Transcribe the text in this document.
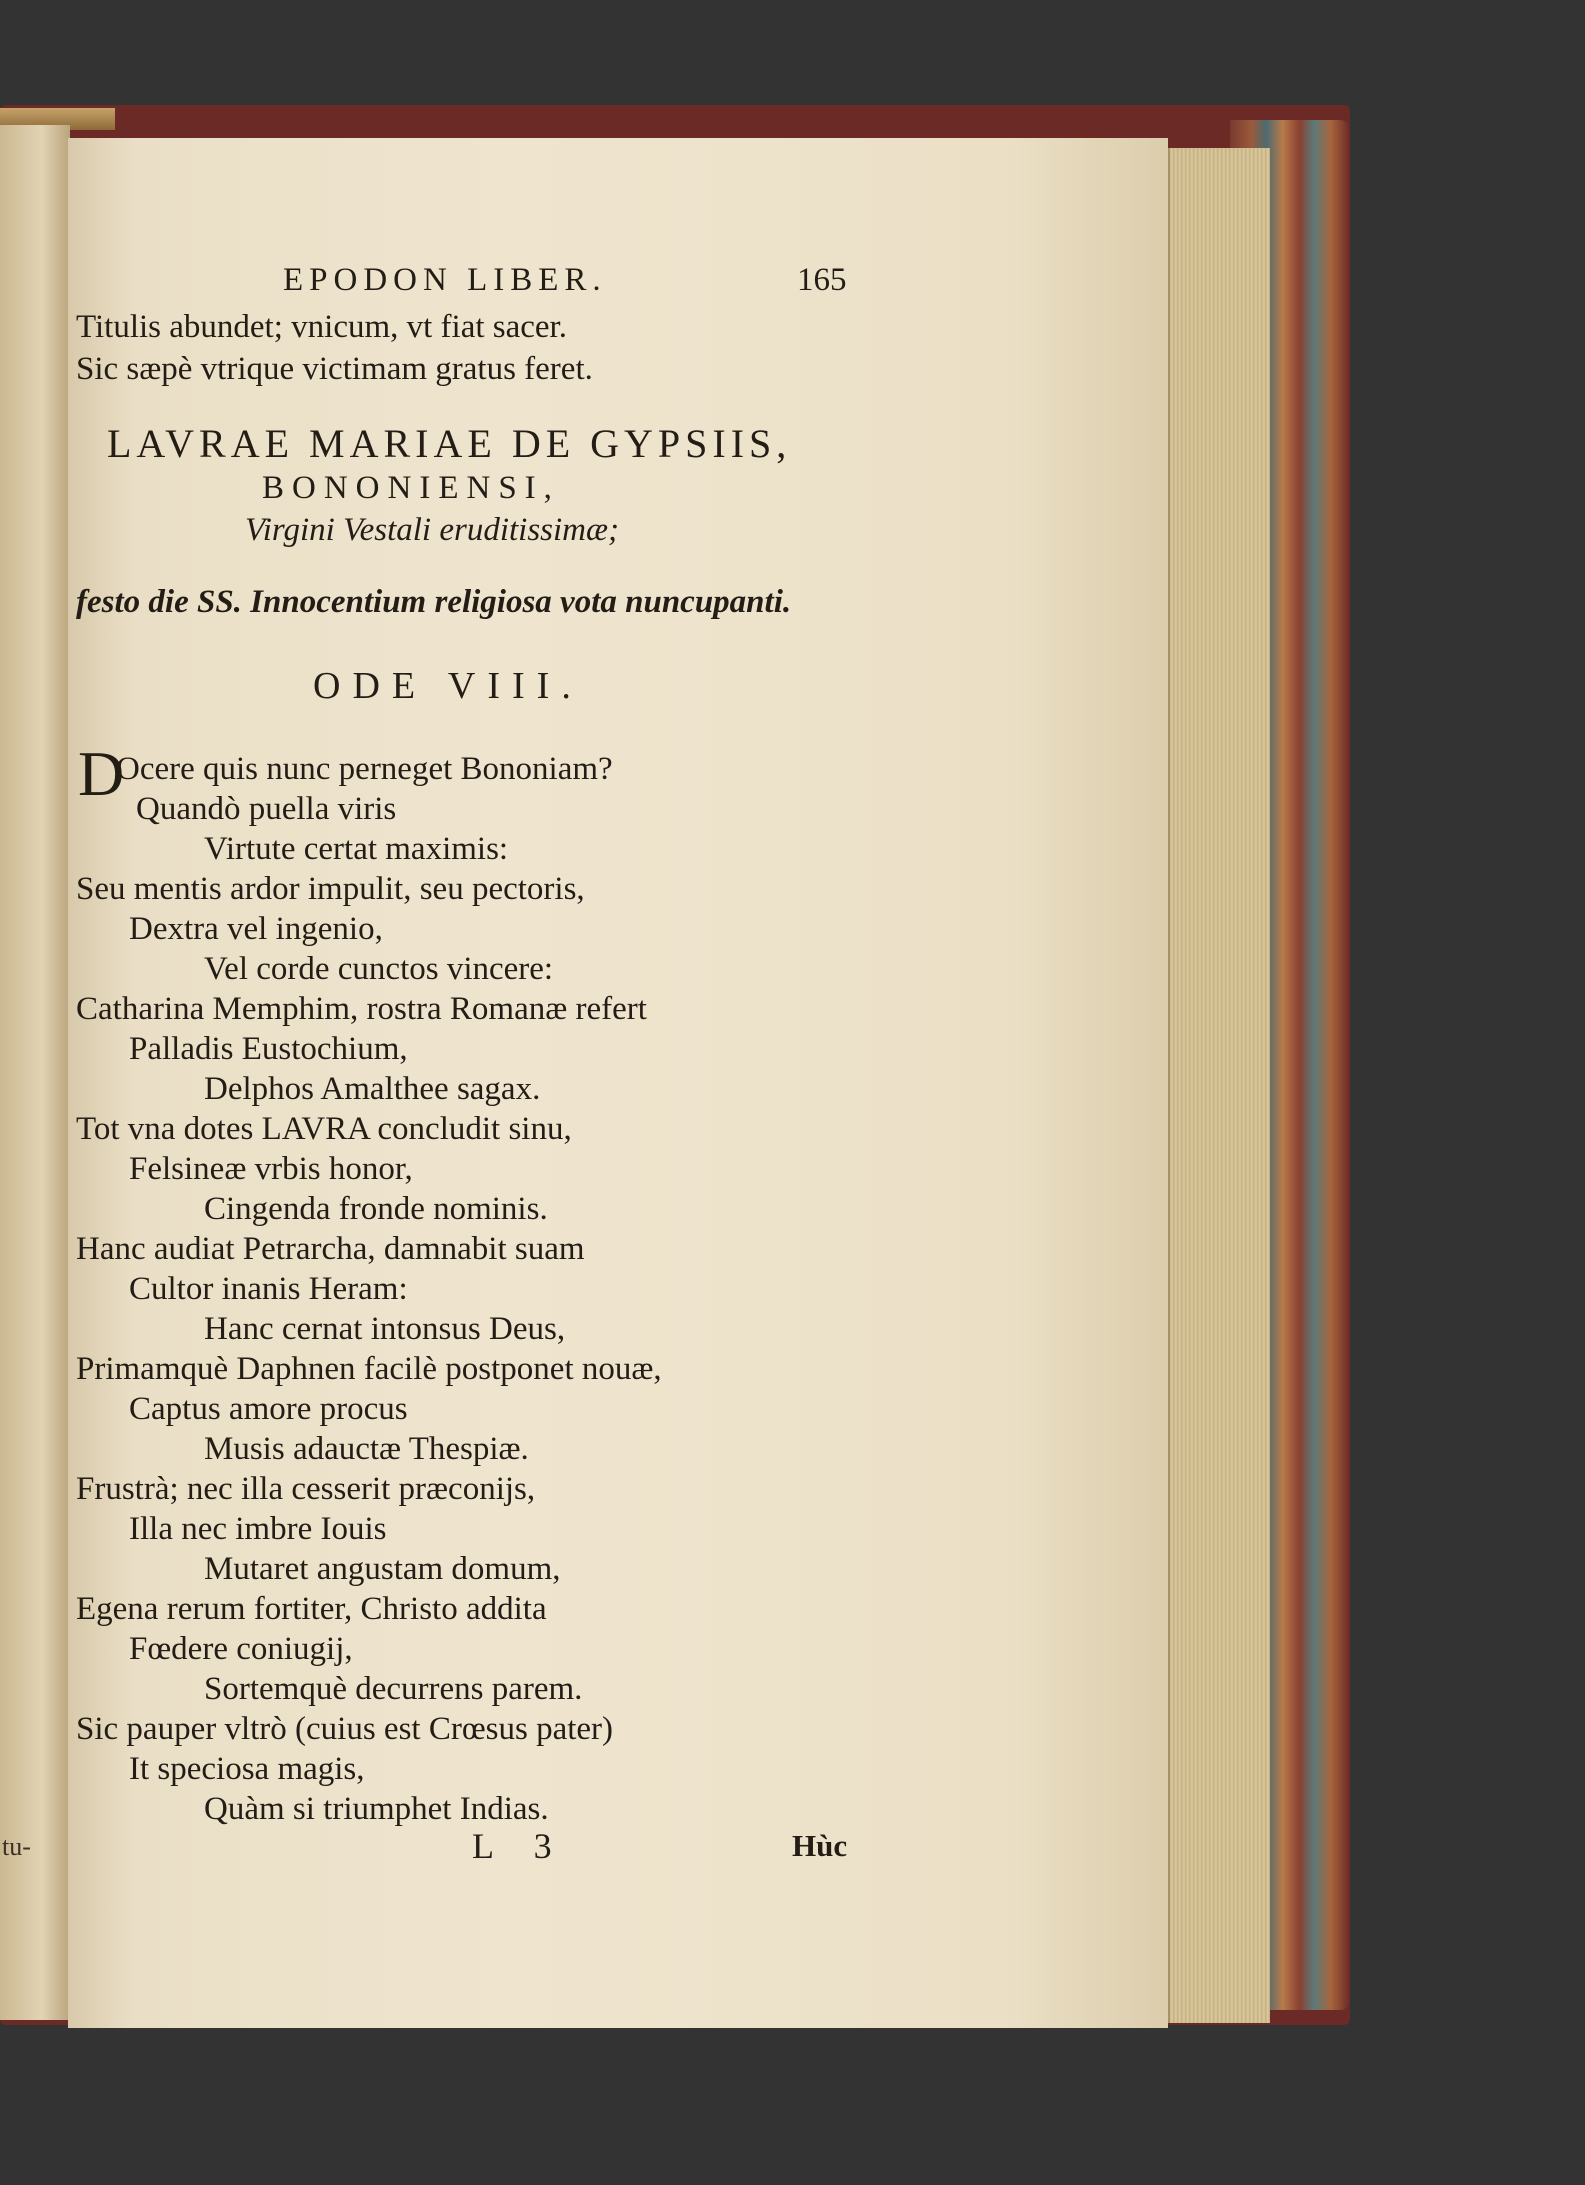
tu-
EPODON LIBER.	165
Titulis abundet; vnicum, vt fiat sacer.
Sic sæpè vtrique victimam gratus feret.
LAVRAE MARIAE DE GYPSIIS,
BONONIENSI,
Virgini Vestali eruditissimæ;
festo die SS. Innocentium religiosa vota nuncupanti.
ODE VIII.
D
Ocere quis nunc perneget Bononiam?
Quandò puella viris
Virtute certat maximis:
Seu mentis ardor impulit, seu pectoris,
Dextra vel ingenio,
Vel corde cunctos vincere:
Catharina Memphim, rostra Romanæ refert
Palladis Eustochium,
Delphos Amalthee sagax.
Tot vna dotes LAVRA concludit sinu,
Felsineæ vrbis honor,
Cingenda fronde nominis.
Hanc audiat Petrarcha, damnabit suam
Cultor inanis Heram:
Hanc cernat intonsus Deus,
Primamquè Daphnen facilè postponet nouæ,
Captus amore procus
Musis adauctæ Thespiæ.
Frustrà; nec illa cesserit præconijs,
Illa nec imbre Iouis
Mutaret angustam domum,
Egena rerum fortiter, Christo addita
Fœdere coniugij,
Sortemquè decurrens parem.
Sic pauper vltrò (cuius est Crœsus pater)
It speciosa magis,
Quàm si triumphet Indias.
L 3	Hùc
